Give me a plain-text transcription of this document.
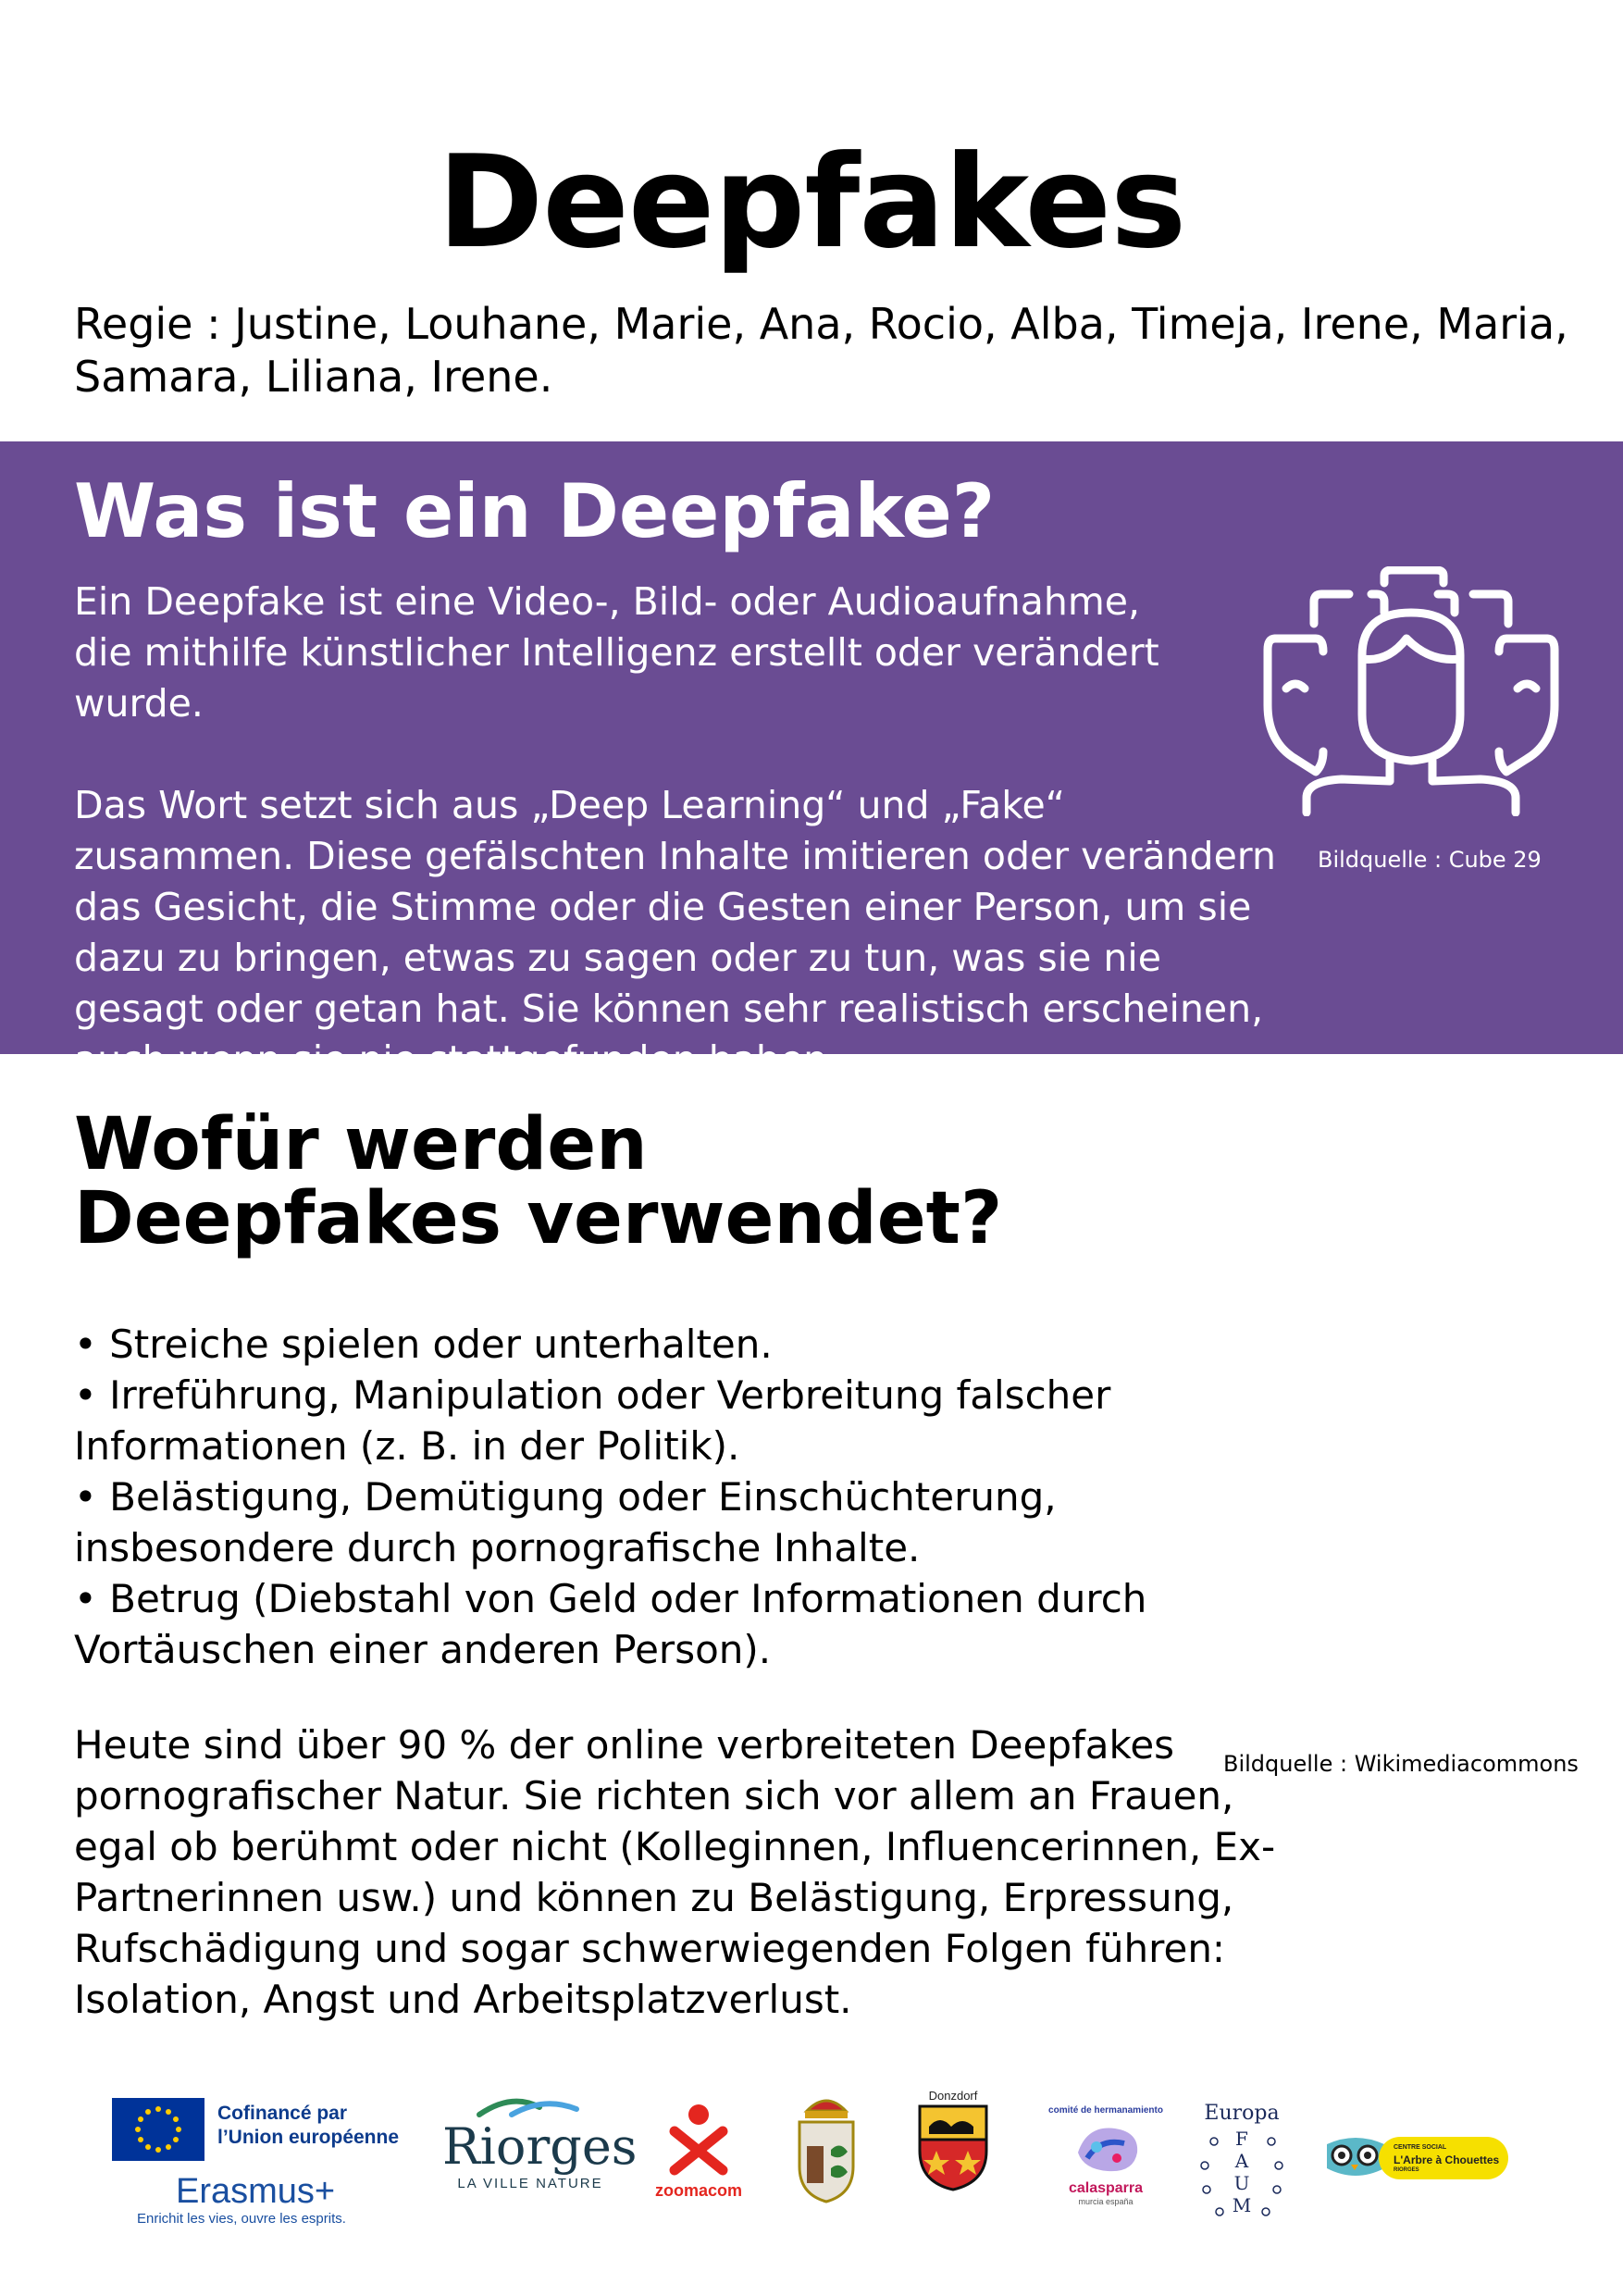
Deepfakes

Regie : Justine, Louhane, Marie, Ana, Rocio, Alba, Timeja, Irene, Maria, Samara, Liliana, Irene.

Was ist ein Deepfake?

Ein Deepfake ist eine Video-, Bild- oder Audioaufnahme,
die mithilfe künstlicher Intelligenz erstellt oder verändert wurde.

Das Wort setzt sich aus „Deep Learning“ und „Fake“ zusammen. Diese gefälschten Inhalte imitieren oder verändern das Gesicht, die Stimme oder die Gesten einer Person, um sie dazu zu bringen, etwas zu sagen oder zu tun, was sie nie gesagt oder getan hat. Sie können sehr realistisch erscheinen, auch wenn sie nie stattgefunden haben.

Bildquelle : Cube 29
Wofür werden
Deepfakes verwendet?
• Streiche spielen oder unterhalten.
• Irreführung, Manipulation oder Verbreitung falscher Informationen (z. B. in der Politik).
• Belästigung, Demütigung oder Einschüchterung, insbesondere durch pornografische Inhalte.
• Betrug (Diebstahl von Geld oder Informationen durch Vortäuschen einer anderen Person).

Heute sind über 90 % der online verbreiteten Deepfakes pornografischer Natur. Sie richten sich vor allem an Frauen, egal ob berühmt oder nicht (Kolleginnen, Influencerinnen, Ex-Partnerinnen usw.) und können zu Belästigung, Erpressung, Rufschädigung und sogar schwerwiegenden Folgen führen: Isolation, Angst und Arbeitsplatzverlust.

Bildquelle : Wikimediacommons
Cofinancé par
l’Union européenne
Erasmus+
Enrichit les vies, ouvre les esprits.
Riorges
LA VILLE NATURE	zoomacom
Donzdorf
comité de hermanamiento
calasparra
murcia españa
Europa
F
A
U
M
CENTRE SOCIAL
L'Arbre à Chouettes
RIORGES
